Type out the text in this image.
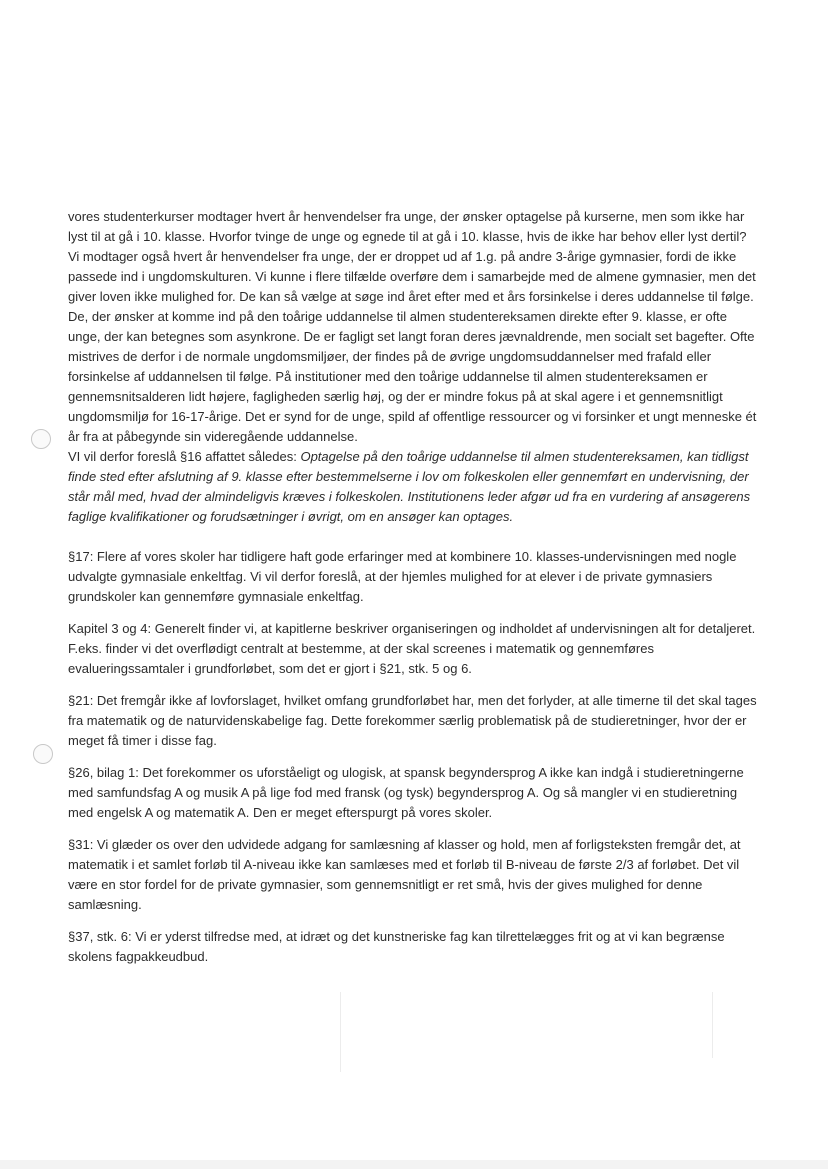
vores studenterkurser modtager hvert år henvendelser fra unge, der ønsker optagelse på kurserne, men som ikke har lyst til at gå i 10. klasse. Hvorfor tvinge de unge og egnede til at gå i 10. klasse, hvis de ikke har behov eller lyst dertil? Vi modtager også hvert år henvendelser fra unge, der er droppet ud af 1.g. på andre 3-årige gymnasier, fordi de ikke passede ind i ungdomskulturen. Vi kunne i flere tilfælde overføre dem i samarbejde med de almene gymnasier, men det giver loven ikke mulighed for. De kan så vælge at søge ind året efter med et års forsinkelse i deres uddannelse til følge. De, der ønsker at komme ind på den toårige uddannelse til almen studentereksamen direkte efter 9. klasse, er ofte unge, der kan betegnes som asynkrone. De er fagligt set langt foran deres jævnaldrende, men socialt set bagefter. Ofte mistrives de derfor i de normale ungdomsmiljøer, der findes på de øvrige ungdomsuddannelser med frafald eller forsinkelse af uddannelsen til følge. På institutioner med den toårige uddannelse til almen studentereksamen er gennemsnitsalderen lidt højere, fagligheden særlig høj, og der er mindre fokus på at skal agere i et gennemsnitligt ungdomsmiljø for 16-17-årige. Det er synd for de unge, spild af offentlige ressourcer og vi forsinker et ungt menneske ét år fra at påbegynde sin videregående uddannelse.

VI vil derfor foreslå §16 affattet således: Optagelse på den toårige uddannelse til almen studentereksamen, kan tidligst finde sted efter afslutning af 9. klasse efter bestemmelserne i lov om folkeskolen eller gennemført en undervisning, der står mål med, hvad der almindeligvis kræves i folkeskolen. Institutionens leder afgør ud fra en vurdering af ansøgerens faglige kvalifikationer og forudsætninger i øvrigt, om en ansøger kan optages.

§17: Flere af vores skoler har tidligere haft gode erfaringer med at kombinere 10. klasses-undervisningen med nogle udvalgte gymnasiale enkeltfag. Vi vil derfor foreslå, at der hjemles mulighed for at elever i de private gymnasiers grundskoler kan gennemføre gymnasiale enkeltfag.

Kapitel 3 og 4: Generelt finder vi, at kapitlerne beskriver organiseringen og indholdet af undervisningen alt for detaljeret. F.eks. finder vi det overflødigt centralt at bestemme, at der skal screenes i matematik og gennemføres evalueringssamtaler i grundforløbet, som det er gjort i §21, stk. 5 og 6.

§21: Det fremgår ikke af lovforslaget, hvilket omfang grundforløbet har, men det forlyder, at alle timerne til det skal tages fra matematik og de naturvidenskabelige fag. Dette forekommer særlig problematisk på de studieretninger, hvor der er meget få timer i disse fag.

§26, bilag 1: Det forekommer os uforståeligt og ulogisk, at spansk begyndersprog A ikke kan indgå i studieretningerne med samfundsfag A og musik A på lige fod med fransk (og tysk) begyndersprog A. Og så mangler vi en studieretning med engelsk A og matematik A. Den er meget efterspurgt på vores skoler.

§31: Vi glæder os over den udvidede adgang for samlæsning af klasser og hold, men af forligsteksten fremgår det, at matematik i et samlet forløb til A-niveau ikke kan samlæses med et forløb til B-niveau de første 2/3 af forløbet. Det vil være en stor fordel for de private gymnasier, som gennemsnitligt er ret små, hvis der gives mulighed for denne samlæsning.

§37, stk. 6: Vi er yderst tilfredse med, at idræt og det kunstneriske fag kan tilrettelægges frit og at vi kan begrænse skolens fagpakkeudbud.
